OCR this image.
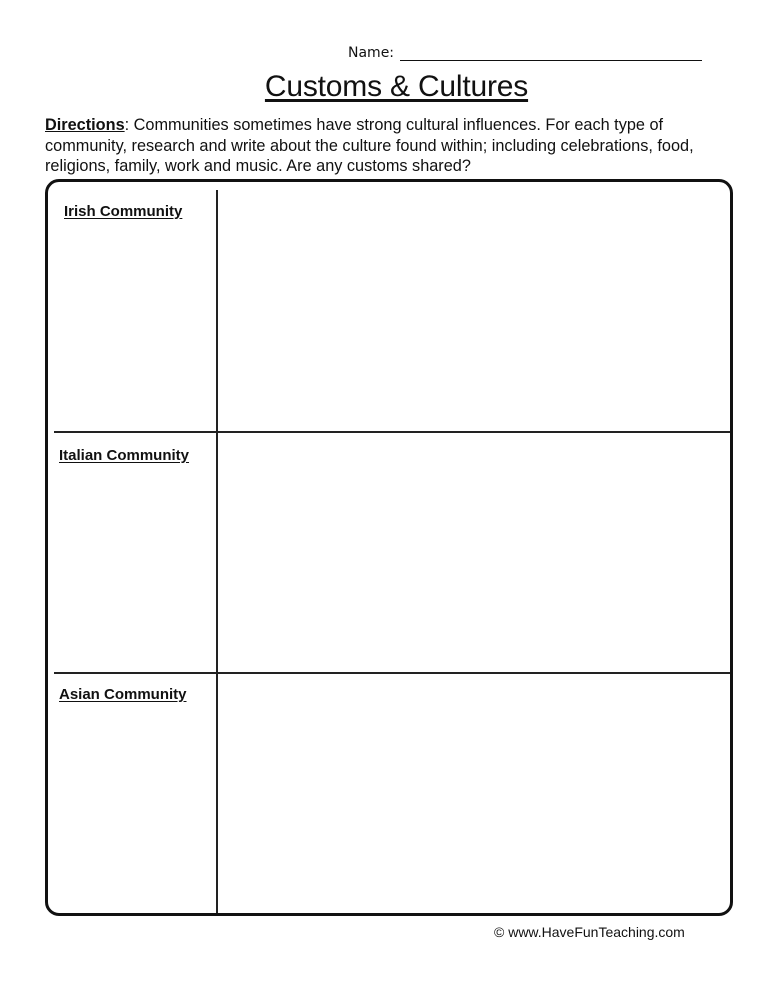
Name:
Customs & Cultures
Directions: Communities sometimes have strong cultural influences. For each type of community, research and write about the culture found within; including celebrations, food, religions, family, work and music. Are any customs shared?
Irish Community
Italian Community
Asian Community
© www.HaveFunTeaching.com
